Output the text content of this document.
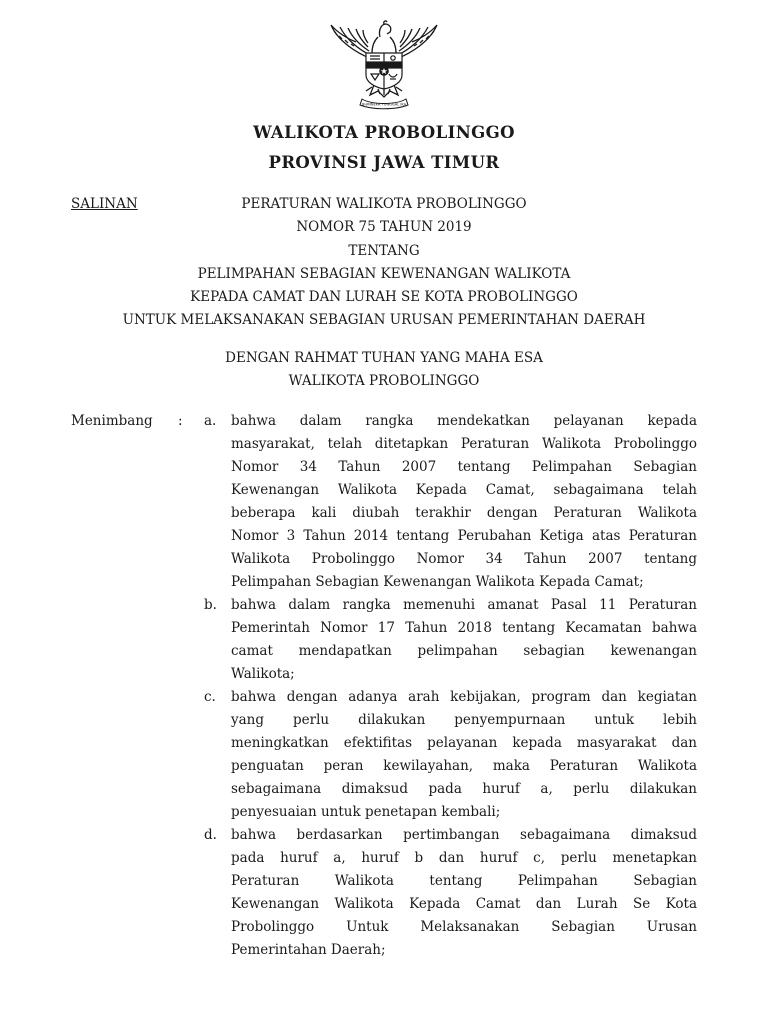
BHINNEKA TUNGGAL IKA
WALIKOTA PROBOLINGGO
PROVINSI JAWA TIMUR
SALINAN	PERATURAN WALIKOTA PROBOLINGGO
NOMOR 75 TAHUN 2019
TENTANG
PELIMPAHAN SEBAGIAN KEWENANGAN WALIKOTA
KEPADA CAMAT DAN LURAH SE KOTA PROBOLINGGO
UNTUK MELAKSANAKAN SEBAGIAN URUSAN PEMERINTAHAN DAERAH
DENGAN RAHMAT TUHAN YANG MAHA ESA
WALIKOTA PROBOLINGGO
Menimbang : a. bahwa dalam rangka mendekatkan pelayanan kepada
masyarakat, telah ditetapkan Peraturan Walikota Probolinggo
Nomor 34 Tahun 2007 tentang Pelimpahan Sebagian
Kewenangan Walikota Kepada Camat, sebagaimana telah
beberapa kali diubah terakhir dengan Peraturan Walikota
Nomor 3 Tahun 2014 tentang Perubahan Ketiga atas Peraturan
Walikota Probolinggo Nomor 34 Tahun 2007 tentang
Pelimpahan Sebagian Kewenangan Walikota Kepada Camat;
b. bahwa dalam rangka memenuhi amanat Pasal 11 Peraturan
Pemerintah Nomor 17 Tahun 2018 tentang Kecamatan bahwa
camat mendapatkan pelimpahan sebagian kewenangan
Walikota;
c. bahwa dengan adanya arah kebijakan, program dan kegiatan
yang perlu dilakukan penyempurnaan untuk lebih
meningkatkan efektifitas pelayanan kepada masyarakat dan
penguatan peran kewilayahan, maka Peraturan Walikota
sebagaimana dimaksud pada huruf a, perlu dilakukan
penyesuaian untuk penetapan kembali;
d. bahwa berdasarkan pertimbangan sebagaimana dimaksud
pada huruf a, huruf b dan huruf c, perlu menetapkan
Peraturan Walikota tentang Pelimpahan Sebagian
Kewenangan Walikota Kepada Camat dan Lurah Se Kota
Probolinggo Untuk Melaksanakan Sebagian Urusan
Pemerintahan Daerah;
